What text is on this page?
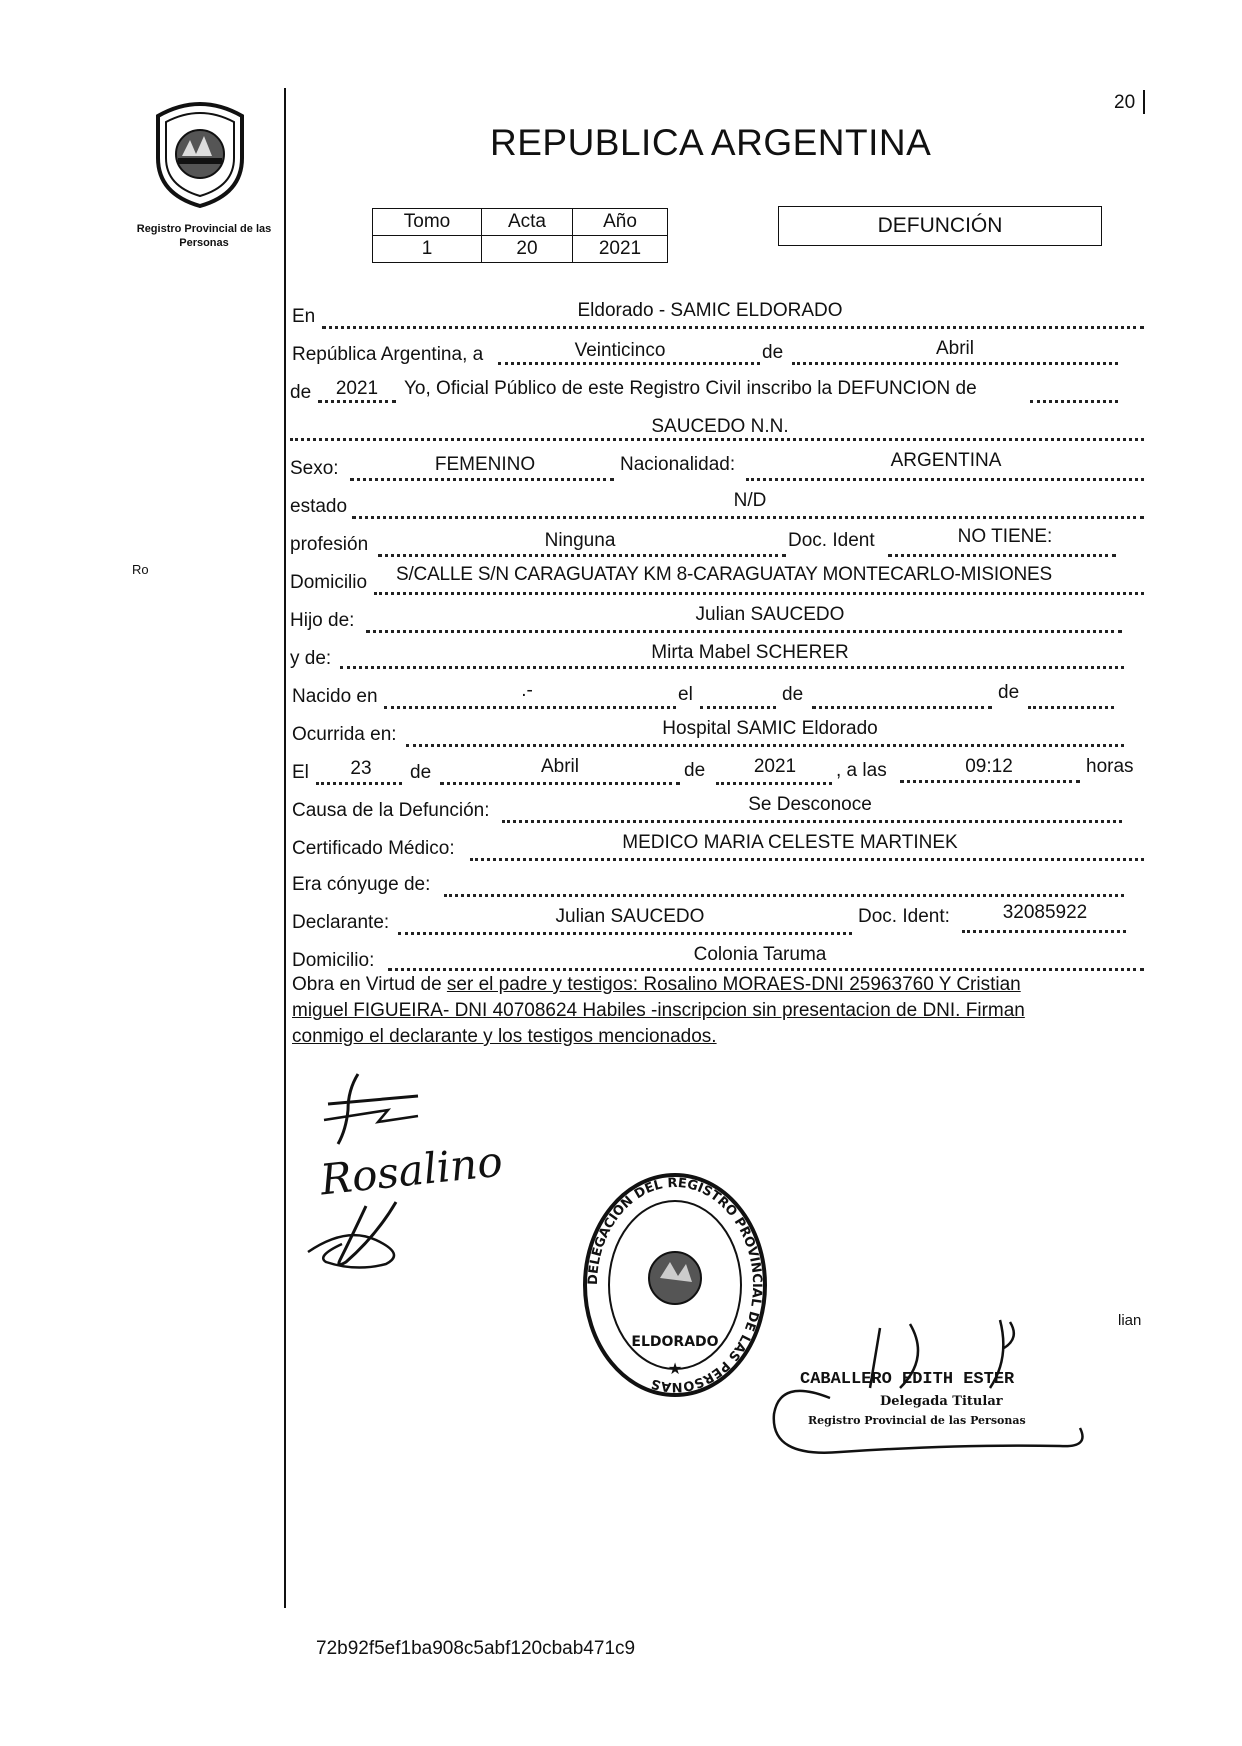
Registro Provincial de las Personas
Ro
20
REPUBLICA ARGENTINA
Tomo	Acta	Año
1	20	2021
DEFUNCIÓN
En	Eldorado - SAMIC ELDORADO
República Argentina, a	Veinticinco	de	Abril
de	2021	Yo, Oficial Público de este Registro Civil inscribo la DEFUNCION de
SAUCEDO N.N.
Sexo:	FEMENINO	Nacionalidad:	ARGENTINA
estado	N/D
profesión	Ninguna	Doc. Ident	NO TIENE:
Domicilio S/CALLE S/N CARAGUATAY KM 8-CARAGUATAY MONTECARLO-MISIONES
Hijo de:	Julian SAUCEDO
y de:	Mirta Mabel SCHERER
Nacido en	.-	el	de	de
Ocurrida en:	Hospital SAMIC Eldorado
El	23	de	Abril	de	2021	, a las	09:12	horas
Causa de la Defunción:	Se Desconoce
Certificado Médico:	MEDICO MARIA CELESTE MARTINEK
Era cónyuge de:
Declarante:	Julian SAUCEDO	Doc. Ident:	32085922
Domicilio:	Colonia Taruma
Obra en Virtud de ser el padre y testigos: Rosalino MORAES-DNI 25963760 Y Cristian
miguel FIGUEIRA- DNI 40708624 Habiles -inscripcion sin presentacion de DNI. Firman
conmigo el declarante y los testigos mencionados.
Rosalino
DELEGACION DEL REGISTRO PROVINCIAL DE LAS PERSONAS
ELDORADO
★
CABALLERO EDITH ESTER
Delegada Titular
Registro Provincial de las Personas
lian
72b92f5ef1ba908c5abf120cbab471c9
